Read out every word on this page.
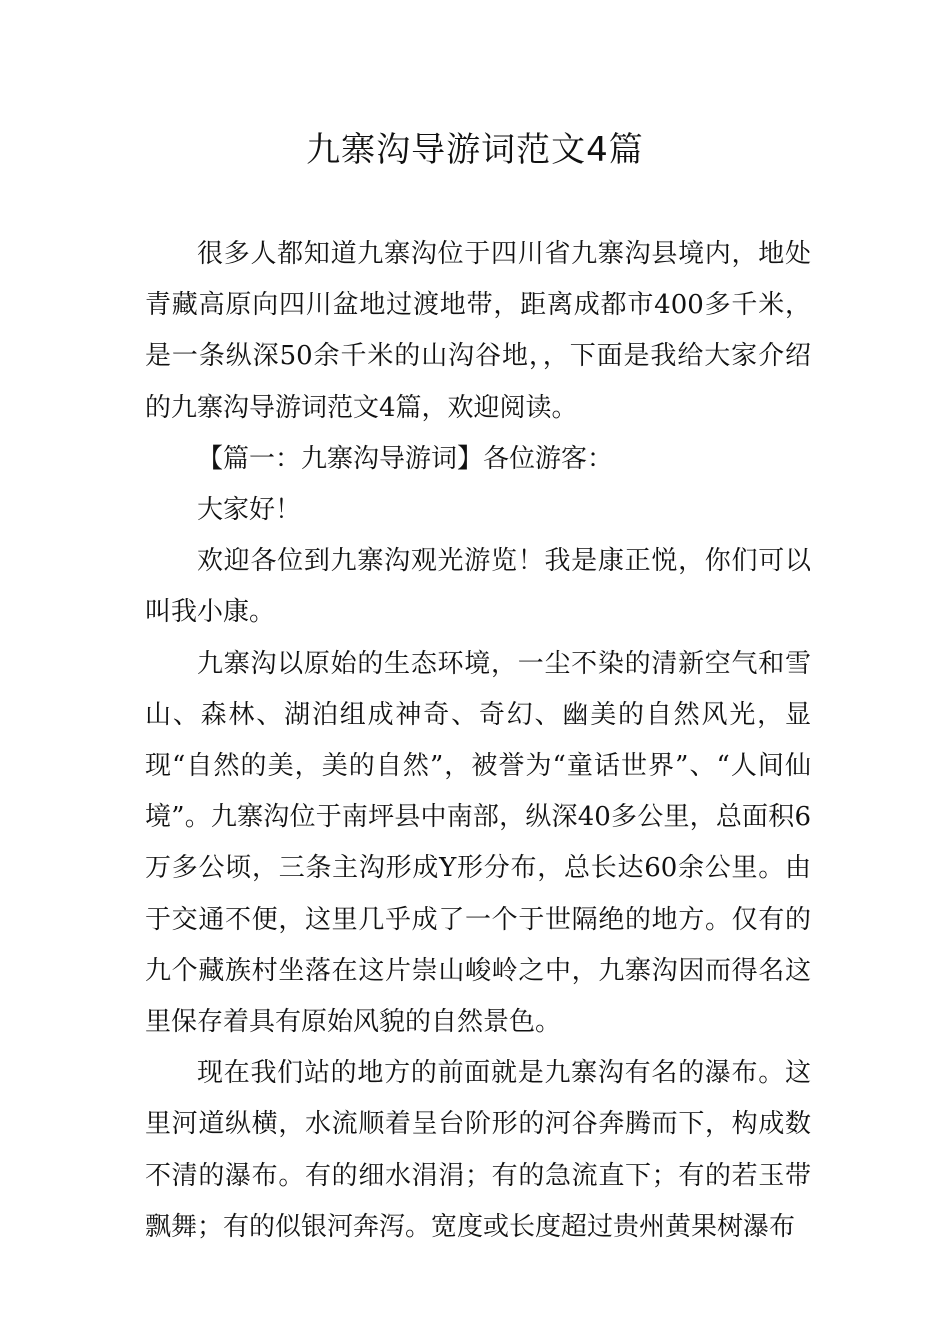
九寨沟导游词范文4篇

很多人都知道九寨沟位于四川省九寨沟县境内，地处青藏高原向四川盆地过渡地带，距离成都市400多千米，是一条纵深50余千米的山沟谷地，，下面是我给大家介绍的九寨沟导游词范文4篇，欢迎阅读。

【篇一：九寨沟导游词】各位游客：

大家好！

欢迎各位到九寨沟观光游览！我是康正悦，你们可以叫我小康。

九寨沟以原始的生态环境，一尘不染的清新空气和雪山、森林、湖泊组成神奇、奇幻、幽美的自然风光，显现“自然的美，美的自然”，被誉为“童话世界”、“人间仙境”。九寨沟位于南坪县中南部，纵深40多公里，总面积6万多公顷，三条主沟形成Y形分布，总长达60余公里。由于交通不便，这里几乎成了一个于世隔绝的地方。仅有的九个藏族村坐落在这片崇山峻岭之中，九寨沟因而得名这里保存着具有原始风貌的自然景色。

现在我们站的地方的前面就是九寨沟有名的瀑布。这里河道纵横，水流顺着呈台阶形的河谷奔腾而下，构成数不清的瀑布。有的细水涓涓；有的急流直下；有的若玉带飘舞；有的似银河奔泻。宽度或长度超过贵州黄果树瀑布
